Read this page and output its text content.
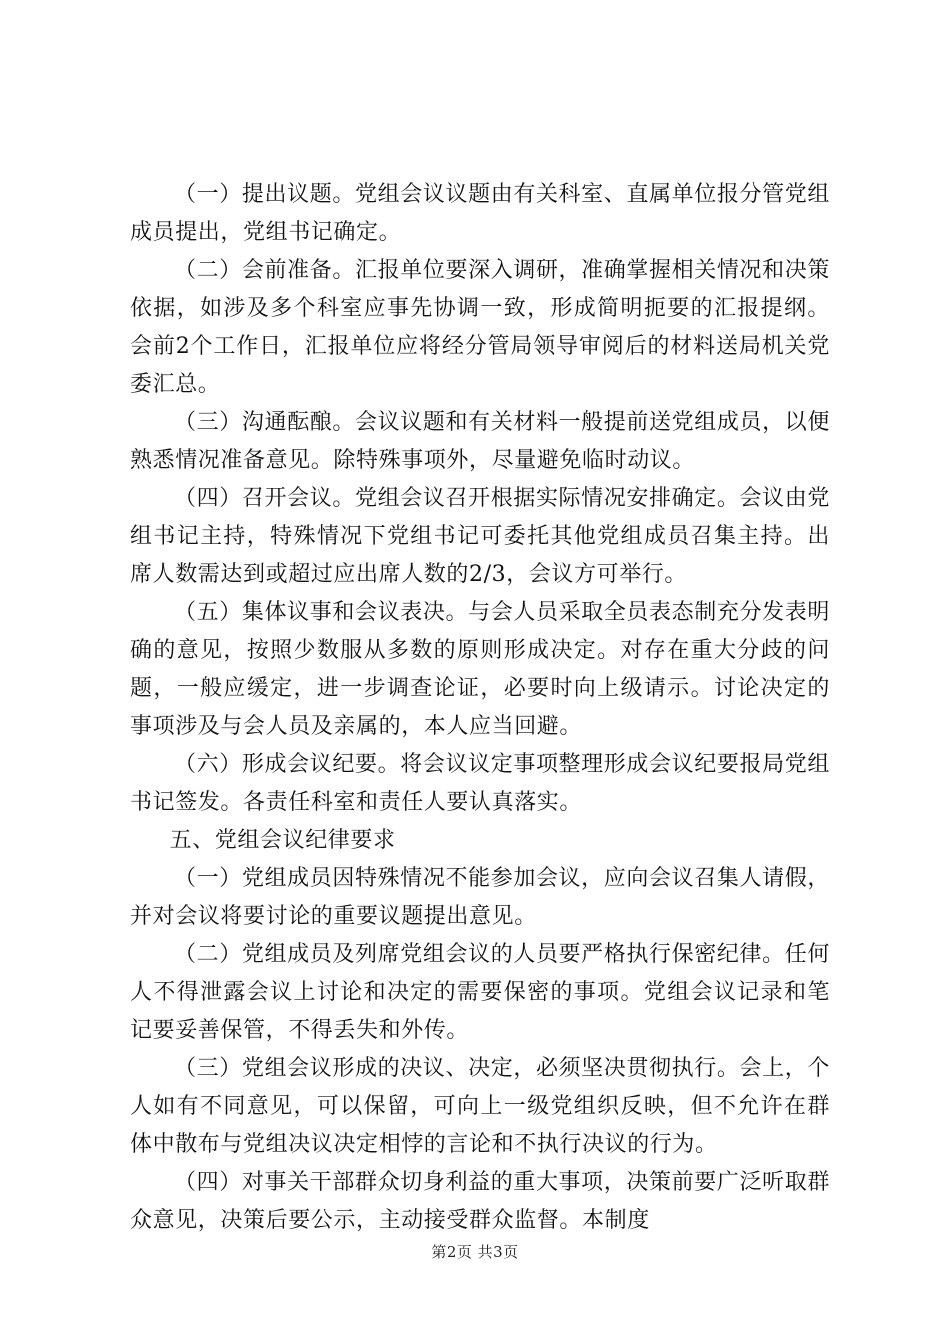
（一）提出议题。党组会议议题由有关科室、直属单位报分管党组成员提出，党组书记确定。

（二）会前准备。汇报单位要深入调研，准确掌握相关情况和决策依据，如涉及多个科室应事先协调一致，形成简明扼要的汇报提纲。会前2个工作日，汇报单位应将经分管局领导审阅后的材料送局机关党委汇总。

（三）沟通酝酿。会议议题和有关材料一般提前送党组成员，以便熟悉情况准备意见。除特殊事项外，尽量避免临时动议。

（四）召开会议。党组会议召开根据实际情况安排确定。会议由党组书记主持，特殊情况下党组书记可委托其他党组成员召集主持。出席人数需达到或超过应出席人数的2/3，会议方可举行。

（五）集体议事和会议表决。与会人员采取全员表态制充分发表明确的意见，按照少数服从多数的原则形成决定。对存在重大分歧的问题，一般应缓定，进一步调查论证，必要时向上级请示。讨论决定的事项涉及与会人员及亲属的，本人应当回避。

（六）形成会议纪要。将会议议定事项整理形成会议纪要报局党组书记签发。各责任科室和责任人要认真落实。

五、党组会议纪律要求

（一）党组成员因特殊情况不能参加会议，应向会议召集人请假，并对会议将要讨论的重要议题提出意见。

（二）党组成员及列席党组会议的人员要严格执行保密纪律。任何人不得泄露会议上讨论和决定的需要保密的事项。党组会议记录和笔记要妥善保管，不得丢失和外传。

（三）党组会议形成的决议、决定，必须坚决贯彻执行。会上，个人如有不同意见，可以保留，可向上一级党组织反映，但不允许在群体中散布与党组决议决定相悖的言论和不执行决议的行为。

（四）对事关干部群众切身利益的重大事项，决策前要广泛听取群众意见，决策后要公示，主动接受群众监督。本制度

第2页 共3页
